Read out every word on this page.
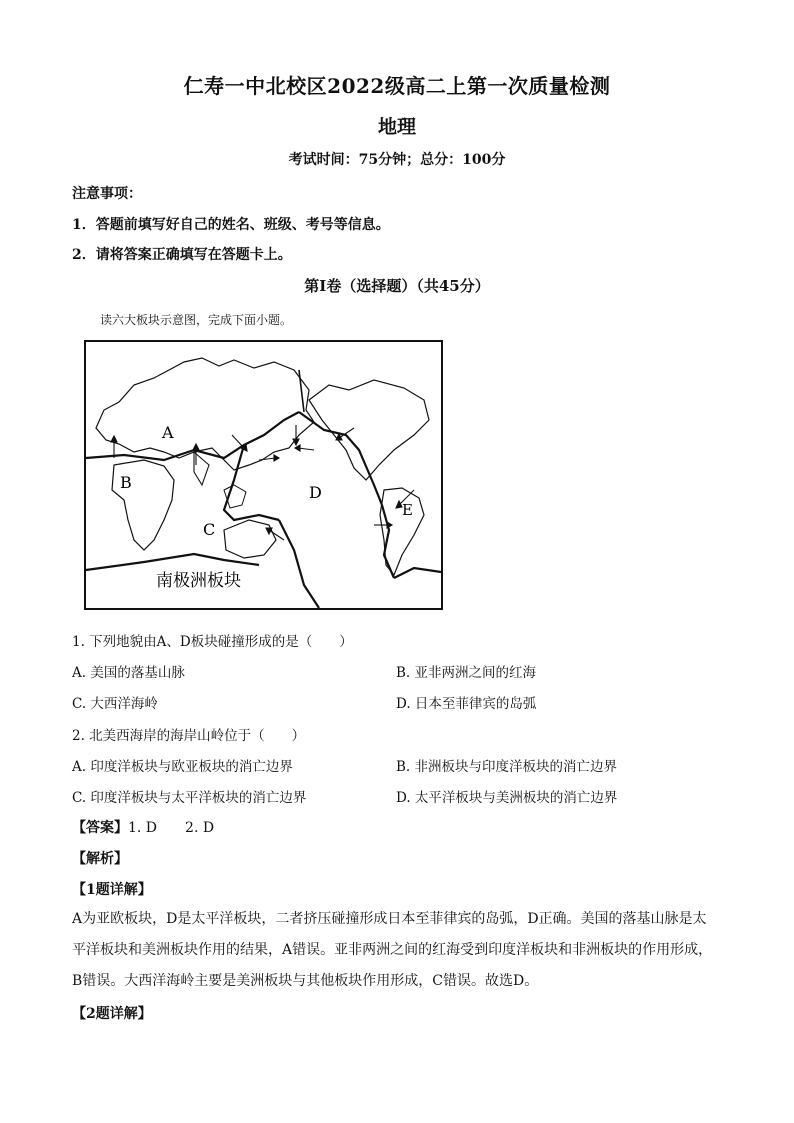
仁寿一中北校区2022级高二上第一次质量检测
地理
考试时间：75分钟；总分：100分
注意事项：
1．答题前填写好自己的姓名、班级、考号等信息。
2．请将答案正确填写在答题卡上。
第I卷（选择题）（共45分）
读六大板块示意图，完成下面小题。
A
B
C
D
E
南极洲板块
1. 下列地貌由A、D板块碰撞形成的是（　　）
A. 美国的落基山脉	B. 亚非两洲之间的红海
C. 大西洋海岭	D. 日本至菲律宾的岛弧
2. 北美西海岸的海岸山岭位于（　　）
A. 印度洋板块与欧亚板块的消亡边界	B. 非洲板块与印度洋板块的消亡边界
C. 印度洋板块与太平洋板块的消亡边界	D. 太平洋板块与美洲板块的消亡边界
【答案】1. D　　2. D
【解析】
【1题详解】
A为亚欧板块，D是太平洋板块，二者挤压碰撞形成日本至菲律宾的岛弧，D正确。美国的落基山脉是太
平洋板块和美洲板块作用的结果，A错误。亚非两洲之间的红海受到印度洋板块和非洲板块的作用形成，
B错误。大西洋海岭主要是美洲板块与其他板块作用形成，C错误。故选D。
【2题详解】
